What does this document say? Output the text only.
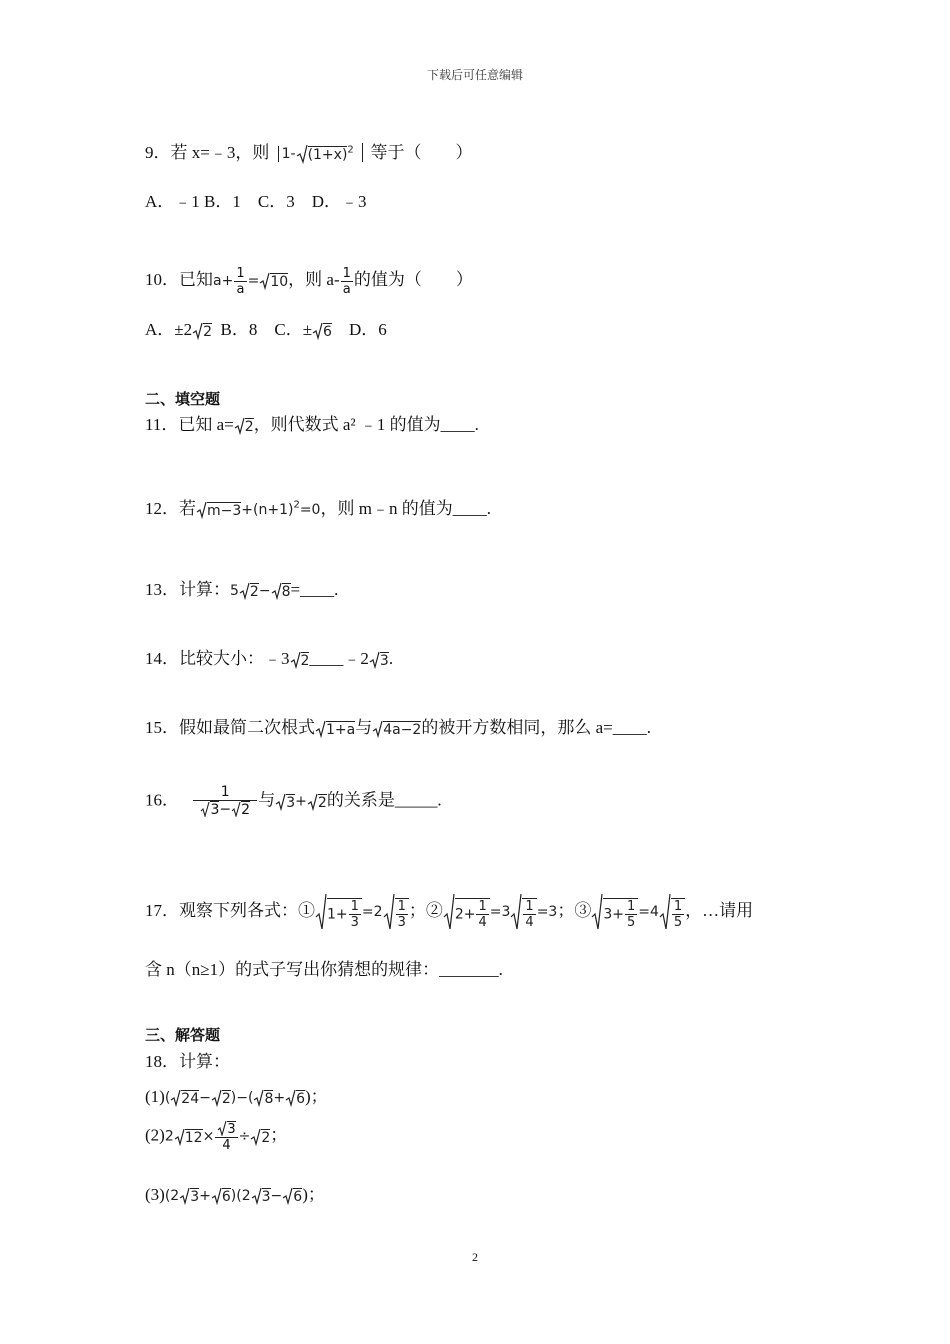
下载后可任意编辑
9．若 x=﹣3，则 1- $(1+x)^2$ 等于（　　）
A．﹣1 B．1　C．3　D．﹣3
10．已知$a+ \frac{1}{a} = 10$，则 $a- \frac{1}{a}$ 的值为（　　）
A．±2 2 B．8　C．± 6 D．6
二、填空题
11．已知 a= 2，则代数式 a² ﹣1 的值为____.
12．若 $m-3+(n+1)^2=0$，则 m﹣n 的值为____.
13．计算：5 2− 8=____.
14．比较大小：﹣3 2____﹣2 3.
15．假如最简二次根式 1+a与 4a−2的被开方数相同，那么 a=____.
16． $\frac{1}{3- 2}$ 与 3+ 2的关系是_____.
17．观察下列各式：① $1+ \frac{1}{3} =2 \frac{1}{3}$ ；② $2+ \frac{1}{4} =3 \frac{1}{4} =3$；③ $3+ \frac{1}{5} =4 \frac{1}{5}$ ，…请用
含 n（n≥1）的式子写出你猜想的规律：_______.
三、解答题
18．计算：
(1)( 24− 2)−( 8+ 6)；
(2)2 $12\times \frac{3}{4} \div 2$；
(3)(2 3+ 6)(2 3− 6)；
2
